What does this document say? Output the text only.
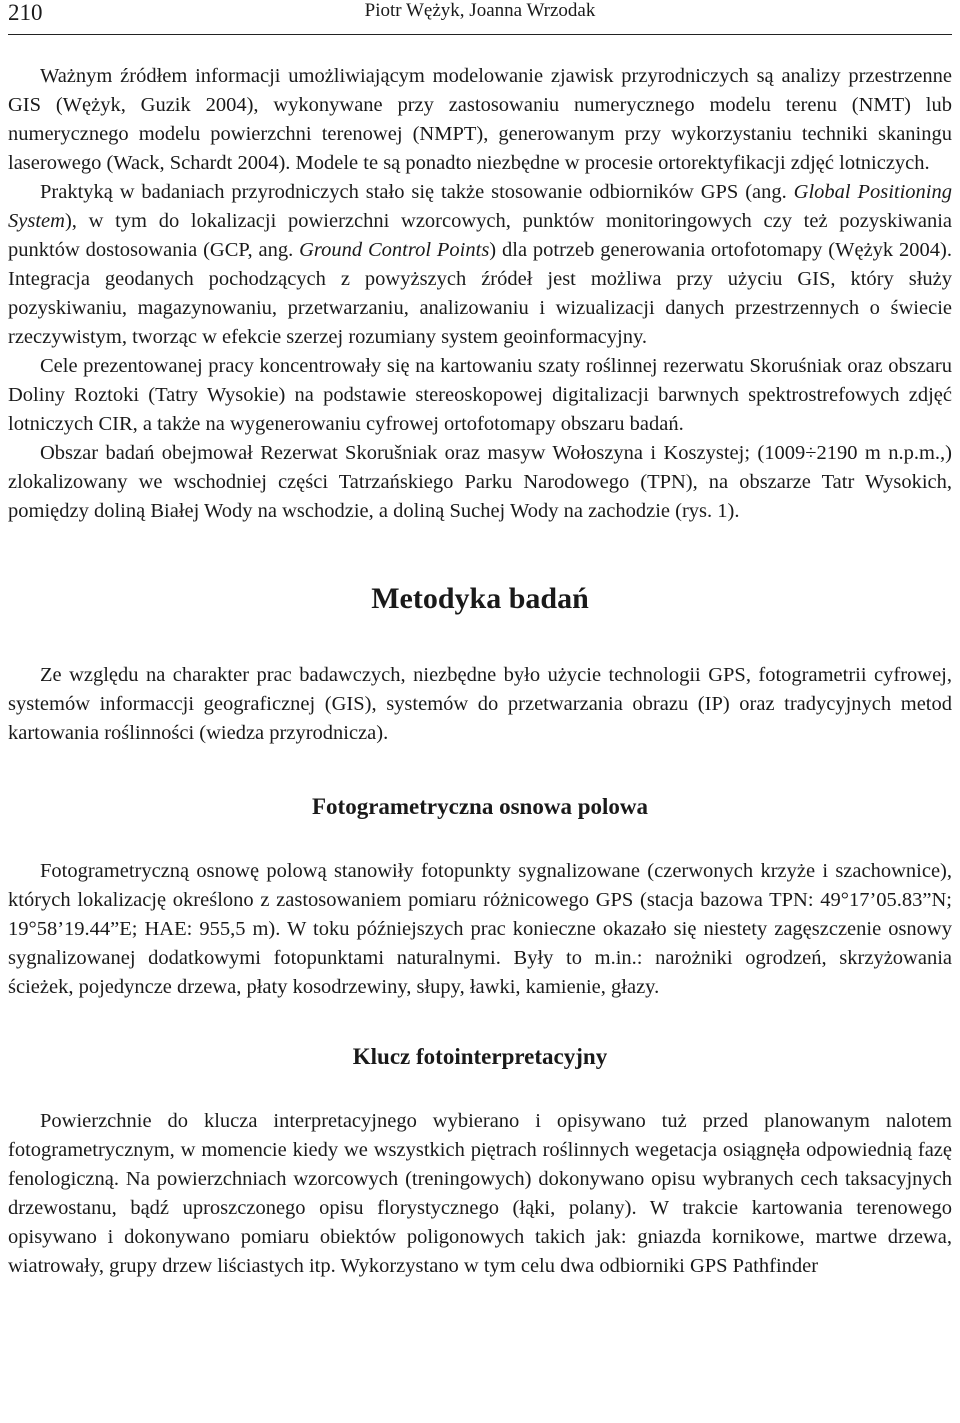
210	Piotr Wężyk, Joanna Wrzodak

Ważnym źródłem informacji umożliwiającym modelowanie zjawisk przyrodniczych są analizy przestrzenne GIS (Wężyk, Guzik 2004), wykonywane przy zastosowaniu numerycznego modelu terenu (NMT) lub numerycznego modelu powierzchni terenowej (NMPT), generowanym przy wykorzystaniu techniki skaningu laserowego (Wack, Schardt 2004). Modele te są ponadto niezbędne w procesie ortorektyfikacji zdjęć lotniczych.

Praktyką w badaniach przyrodniczych stało się także stosowanie odbiorników GPS (ang. Global Positioning System), w tym do lokalizacji powierzchni wzorcowych, punktów monitoringowych czy też pozyskiwania punktów dostosowania (GCP, ang. Ground Control Points) dla potrzeb generowania ortofotomapy (Wężyk 2004). Integracja geodanych pochodzących z powyższych źródeł jest możliwa przy użyciu GIS, który służy pozyskiwaniu, magazynowaniu, przetwarzaniu, analizowaniu i wizualizacji danych przestrzennych o świecie rzeczywistym, tworząc w efekcie szerzej rozumiany system geoinformacyjny.

Cele prezentowanej pracy koncentrowały się na kartowaniu szaty roślinnej rezerwatu Skoruśniak oraz obszaru Doliny Roztoki (Tatry Wysokie) na podstawie stereoskopowej digitalizacji barwnych spektrostrefowych zdjęć lotniczych CIR, a także na wygenerowaniu cyfrowej ortofotomapy obszaru badań.

Obszar badań obejmował Rezerwat Skorušniak oraz masyw Wołoszyna i Koszystej; (1009÷2190 m n.p.m.,) zlokalizowany we wschodniej części Tatrzańskiego Parku Narodowego (TPN), na obszarze Tatr Wysokich, pomiędzy doliną Białej Wody na wschodzie, a doliną Suchej Wody na zachodzie (rys. 1).

Metodyka badań

Ze względu na charakter prac badawczych, niezbędne było użycie technologii GPS, fotogrametrii cyfrowej, systemów informaccji geograficznej (GIS), systemów do przetwarzania obrazu (IP) oraz tradycyjnych metod kartowania roślinności (wiedza przyrodnicza).

Fotogrametryczna osnowa polowa

Fotogrametryczną osnowę polową stanowiły fotopunkty sygnalizowane (czerwonych krzyże i szachownice), których lokalizację określono z zastosowaniem pomiaru różnicowego GPS (stacja bazowa TPN: 49°17’05.83”N; 19°58’19.44”E; HAE: 955,5 m). W toku późniejszych prac konieczne okazało się niestety zagęszczenie osnowy sygnalizowanej dodatkowymi fotopunktami naturalnymi. Były to m.in.: narożniki ogrodzeń, skrzyżowania ścieżek, pojedyncze drzewa, płaty kosodrzewiny, słupy, ławki, kamienie, głazy.

Klucz fotointerpretacyjny

Powierzchnie do klucza interpretacyjnego wybierano i opisywano tuż przed planowanym nalotem fotogrametrycznym, w momencie kiedy we wszystkich piętrach roślinnych wegetacja osiągnęła odpowiednią fazę fenologiczną. Na powierzchniach wzorcowych (treningowych) dokonywano opisu wybranych cech taksacyjnych drzewostanu, bądź uproszczonego opisu florystycznego (łąki, polany). W trakcie kartowania terenowego opisywano i dokonywano pomiaru obiektów poligonowych takich jak: gniazda kornikowe, martwe drzewa, wiatrowały, grupy drzew liściastych itp. Wykorzystano w tym celu dwa odbiorniki GPS Pathfinder
